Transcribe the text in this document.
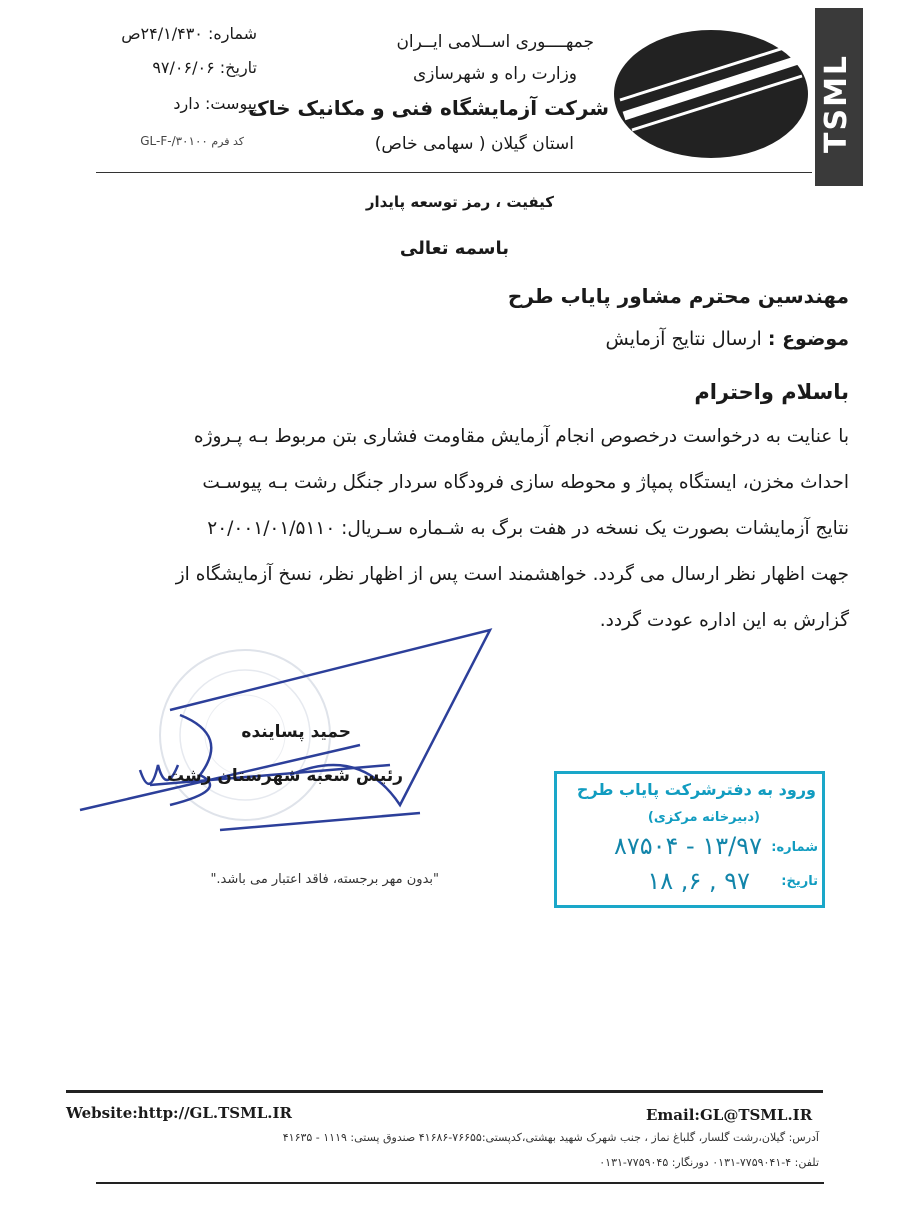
TSML
جمهــــوری اســلامی ایــران
وزارت راه و شهرسازی
شرکت آزمایشگاه فنی و مکانیک خاک
استان گیلان ( سهامی خاص)
شماره: ۲۴/۱/۴۳۰ص
تاریخ: ۹۷/۰۶/۰۶
پیوست: دارد
کد فرم GL-F-/۳۰۱۰۰
کیفیت ، رمز توسعه پایدار
باسمه تعالی
مهندسین محترم مشاور پایاب طرح
موضوع : ارسال نتایج آزمایش
باسلام واحترام
با عنایت به درخواست درخصوص انجام آزمایش مقاومت فشاری بتن مربوط بـه پـروژه
احداث مخزن، ایستگاه پمپاژ و محوطه سازی فرودگاه سردار جنگل رشت بـه پیوسـت
نتایج آزمایشات بصورت یک نسخه در هفت برگ به شـماره سـریال: ۲۰/۰۰۱/۰۱/۵۱۱۰
جهت اظهار نظر ارسال می گردد. خواهشمند است پس از اظهار نظر، نسخ آزمایشگاه از
گزارش به این اداره عودت گردد.
حمید پساینده
رئیس شعبه شهرستان رشت
"بدون مهر برجسته، فاقد اعتبار می باشد."
ورود به دفترشرکت پایاب طرح
(دبیرخانه مرکزی)
شماره:
۱۳/۹۷ - ۸۷۵۰۴
تاریخ:
۹۷ , ۶, ۱۸
Website:http://GL.TSML.IR	Email:GL@TSML.IR
آدرس: گیلان،رشت گلسار، گلباغ نماز ، جنب شهرک شهید بهشتی،کدپستی:۷۶۶۵۵-۴۱۶۸۶ صندوق پستی: ۱۱۱۹ - ۴۱۶۳۵
تلفن: ۴-۷۷۵۹۰۴۱-۰۱۳۱ دورنگار: ۷۷۵۹۰۴۵-۰۱۳۱
